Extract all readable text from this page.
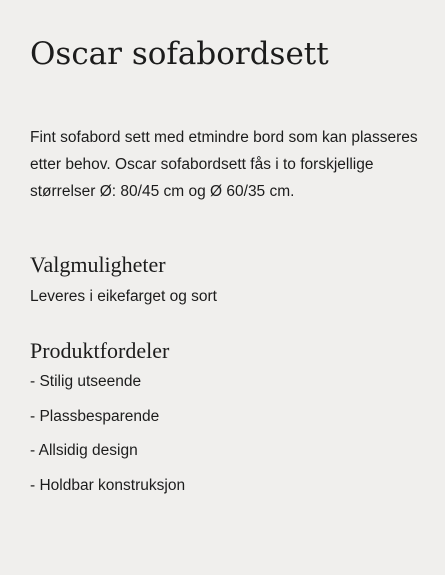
Oscar sofabordsett

Fint sofabord sett med etmindre bord som kan plasseres etter behov. Oscar sofabordsett fås i to forskjellige størrelser Ø: 80/45 cm og Ø 60/35 cm.

Valgmuligheter

Leveres i eikefarget og sort

Produktfordeler
- Stilig utseende
- Plassbesparende
- Allsidig design
- Holdbar konstruksjon
